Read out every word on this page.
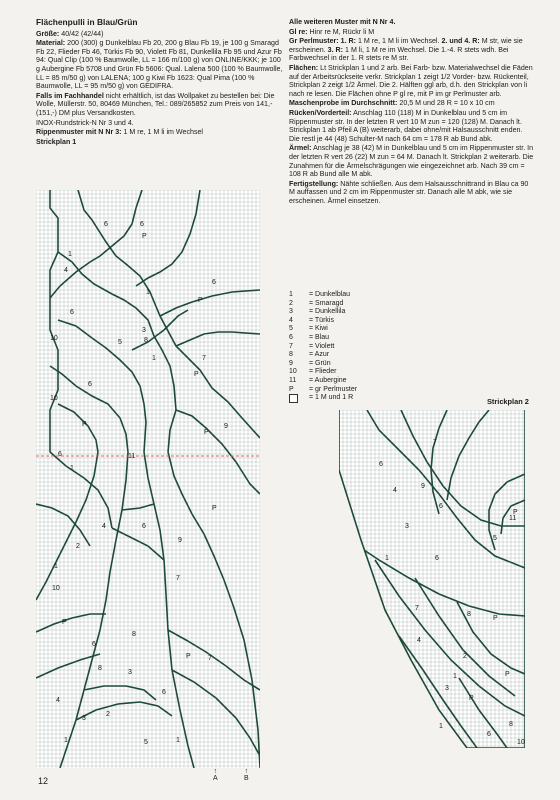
Flächenpulli in Blau/Grün
Größe: 40/42 (42/44)
Material: 200 (300) g Dunkelblau Fb 20, 200 g Blau Fb 19, je 100 g Smaragd Fb 22, Flieder Fb 46, Türkis Fb 90, Violett Fb 81, Dunkellila Fb 95 und Azur Fb 94: Qual Clip (100 % Baumwolle, LL = 166 m/100 g) von ONLINE/KKK; je 100 g Aubergine Fb 5708 und Grün Fb 5606: Qual. Lalena 500 (100 % Baumwolle, LL = 85 m/50 g) von LALENA; 100 g Kiwi Fb 1623: Qual Pima (100 % Baumwolle, LL = 95 m/50 g) von GEDIFRA.
Falls im Fachhandel nicht erhältlich, ist das Wollpaket zu bestellen bei: Die Wolle, Müllerstr. 50, 80469 München, Tel.: 089/265852 zum Preis von 141,- (151,-) DM plus Versandkosten.
INOX-Rundstrick-N Nr 3 und 4.
Rippenmuster mit N Nr 3: 1 M re, 1 M li im Wechsel
Strickplan 1
Alle weiteren Muster mit N Nr 4.
Gl re: Hinr re M, Rückr li M
Gr Perlmuster: 1. R: 1 M re, 1 M li im Wechsel. 2. und 4. R: M str, wie sie erscheinen. 3. R: 1 M li, 1 M re im Wechsel. Die 1.-4. R stets wdh. Bei Farbwechsel in der 1. R stets re M str.
Flächen: Lt Strickplan 1 und 2 arb. Bei Farb- bzw. Materialwechsel die Fäden auf der Arbeitsrückseite verkr. Strickplan 1 zeigt 1/2 Vorder- bzw. Rückenteil, Strickplan 2 zeigt 1/2 Ärmel. Die 2. Hälften ggl arb, d.h. den Strickplan von li nach re lesen. Die Flächen ohne P gl re, mit P im gr Perlmuster arb.
Maschenprobe im Durchschnitt: 20,5 M und 28 R = 10 x 10 cm
Rücken/Vorderteil: Anschlag 110 (118) M in Dunkelblau und 5 cm im Rippenmuster str. In der letzten R vert 10 M zun = 120 (128) M. Danach lt. Strickplan 1 ab Pfeil A (B) weiterarb, dabei ohne/mit Halsausschnitt enden. Die restl je 44 (48) Schulter-M nach 64 cm = 178 R ab Bund abk.
Ärmel: Anschlag je 38 (42) M in Dunkelblau und 5 cm im Rippenmuster str. In der letzten R vert 26 (22) M zun = 64 M. Danach lt. Strickplan 2 weiterarb. Die Zunahmen für die Ärmelschrägungen wie eingezeichnet arb. Nach 39 cm = 108 R ab Bund alle M abk.
Fertigstellung: Nähte schließen. Aus dem Halsausschnittrand in Blau ca 90 M auffassen und 2 cm im Rippenmuster str. Danach alle M abk, wie sie erscheinen. Ärmel einsetzen.
1	= Dunkelblau
2	= Smaragd
3	= Dunkellila
4	= Türkis
5	= Kiwi
6	= Blau
7	= Violett
8	= Azur
9	= Grün
10	= Flieder
11	= Aubergine
P	= gr Perlmuster
= 1 M und 1 R	Strickplan 2
6	6
P
1
4
6
1
6
P
8
10
5
3
1	7
P
6
10
9
P
P
6	11
1
P
6
4
2
1
10
9
7
P
8
6
P
8
3
7
4
6
3
2
1	5	1
↑
A
↑
B
6
7
9
4
6
11
P
3
5
1	6
7
8
4
2
P
1	P
P
3
8
6
10
1
12
